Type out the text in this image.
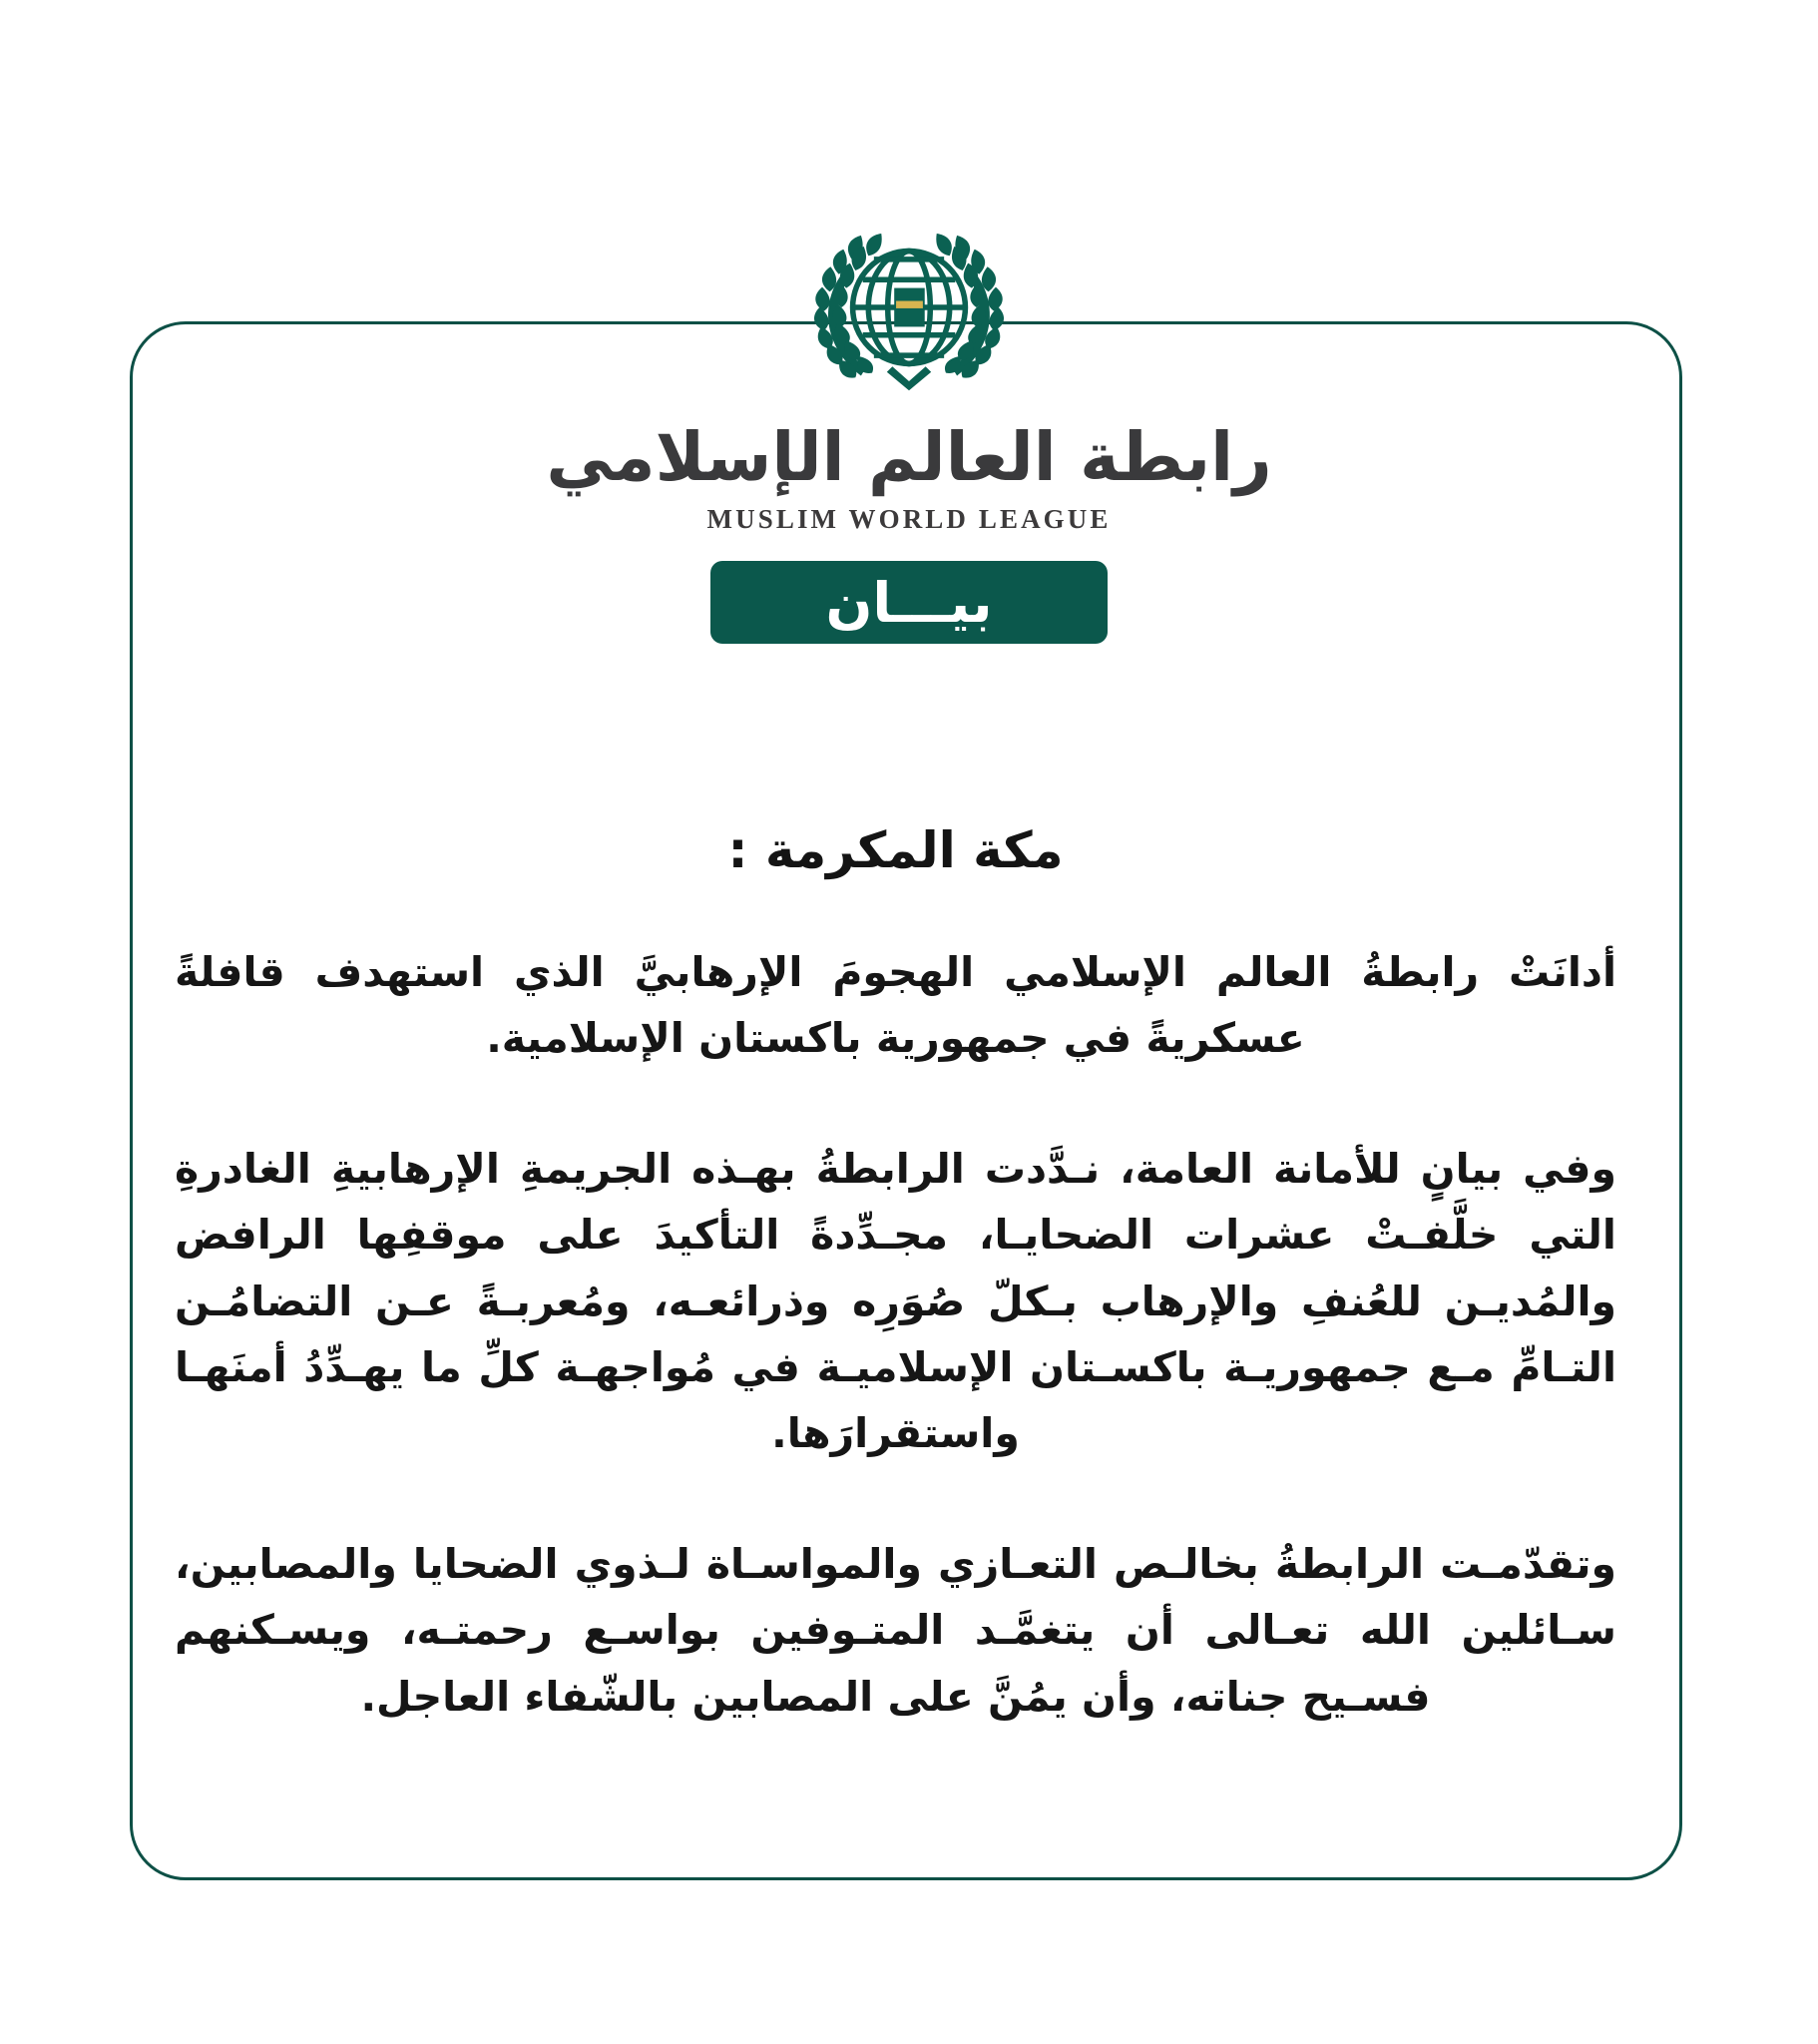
رابطة العالم الإسلامي
MUSLIM WORLD LEAGUE
بيـــان
مكة المكرمة :

أدانَتْ رابطةُ العالم الإسلامي الهجومَ الإرهابيَّ الذي استهدف قافلةً عسكريةً في جمهورية باكستان الإسلامية.

وفي بيانٍ للأمانة العامة، نـدَّدت الرابطةُ بهـذه الجريمةِ الإرهابيةِ الغادرةِ التي خلَّفـتْ عشرات الضحايـا، مجـدِّدةً التأكيدَ على موقفِها الرافض والمُديـن للعُنفِ والإرهاب بـكلّ صُوَرِه وذرائعـه، ومُعربـةً عـن التضامُـن التـامِّ مـع جمهوريـة باكسـتان الإسلاميـة في مُواجهـة كلِّ ما يهـدِّدُ أمنَهـا واستقرارَها.

وتقدّمـت الرابطةُ بخالـص التعـازي والمواسـاة لـذوي الضحايا والمصابين، سـائلين الله تعـالى أن يتغمَّـد المتـوفين بواسـع رحمتـه، ويسـكنهم فسـيح جناته، وأن يمُنَّ على المصابين بالشّفاء العاجل.
